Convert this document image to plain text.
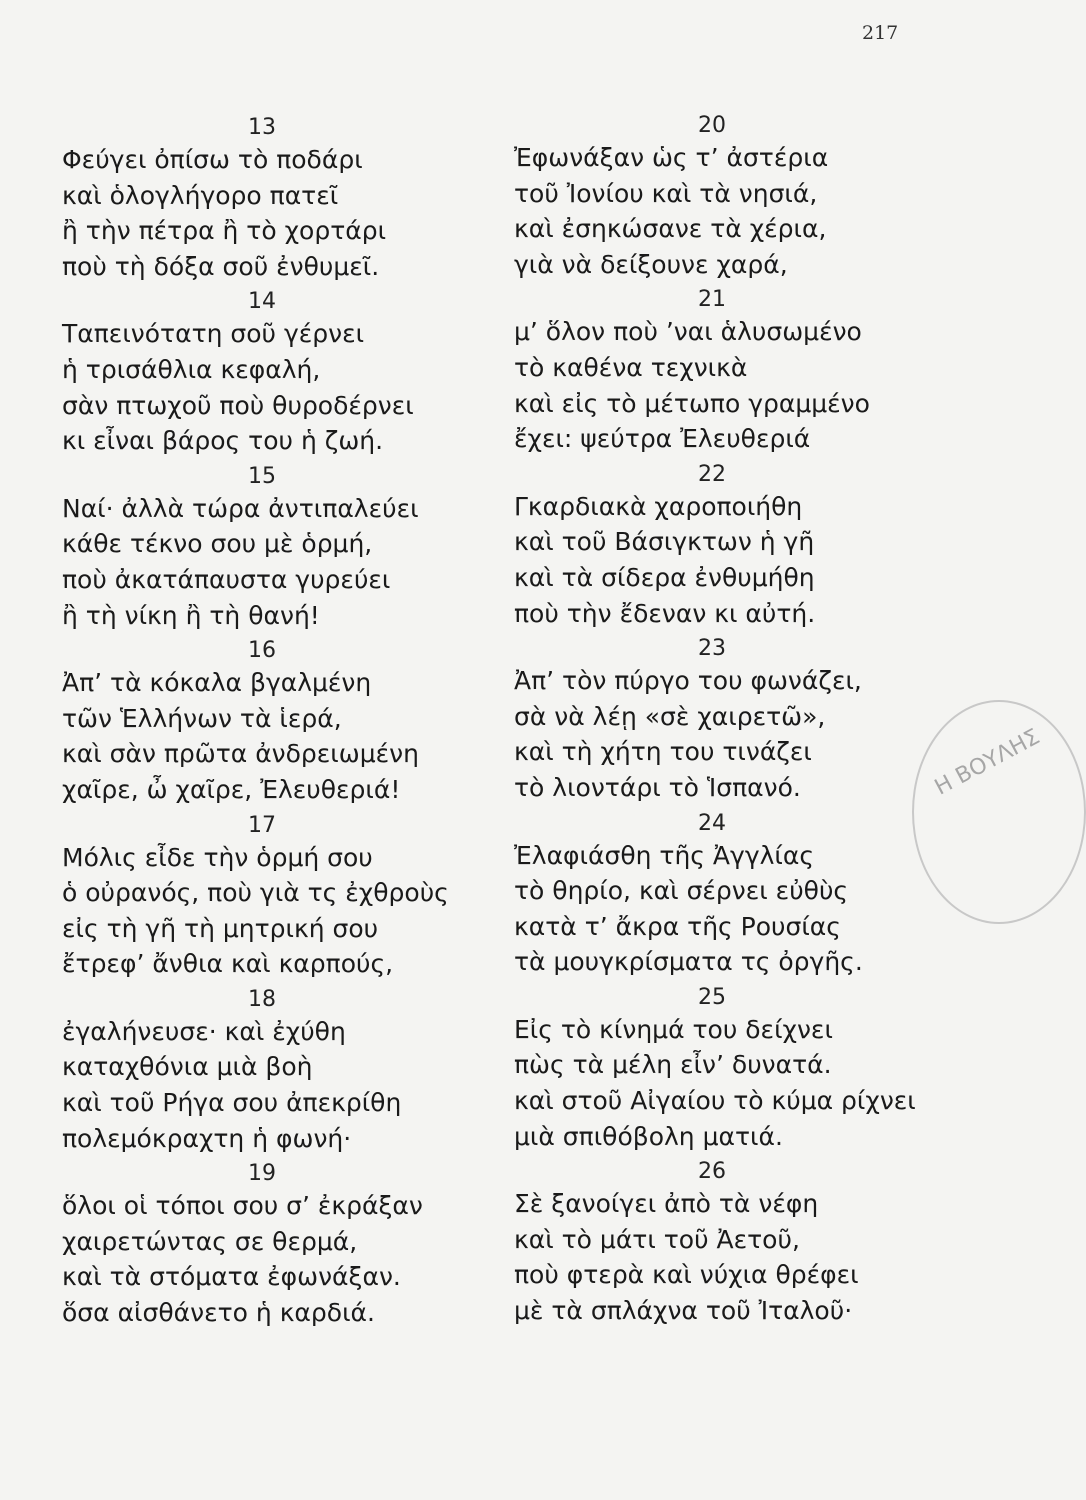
217
Η ΒΟΥΛΗΣ

13

Φεύγει ὀπίσω τὸ ποδάρι

καὶ ὁλογλήγορο πατεῖ

ἢ τὴν πέτρα ἢ τὸ χορτάρι

ποὺ τὴ δόξα σοῦ ἐνθυμεῖ.

14

Ταπεινότατη σοῦ γέρνει

ἡ τρισάθλια κεφαλή,

σὰν πτωχοῦ ποὺ θυροδέρνει

κι εἶναι βάρος του ἡ ζωή.

15

Ναί· ἀλλὰ τώρα ἀντιπαλεύει

κάθε τέκνο σου μὲ ὁρμή,

ποὺ ἀκατάπαυστα γυρεύει

ἢ τὴ νίκη ἢ τὴ θανή!

16

Ἀπ’ τὰ κόκαλα βγαλμένη

τῶν Ἑλλήνων τὰ ἱερά,

καὶ σὰν πρῶτα ἀνδρειωμένη

χαῖρε, ὦ χαῖρε, Ἐλευθεριά!

17

Μόλις εἶδε τὴν ὁρμή σου

ὁ οὐρανός, ποὺ γιὰ τς ἐχθροὺς

εἰς τὴ γῆ τὴ μητρική σου

ἔτρεφ’ ἄνθια καὶ καρπούς,

18

ἐγαλήνευσε· καὶ ἐχύθη

καταχθόνια μιὰ βοὴ

καὶ τοῦ Ρήγα σου ἀπεκρίθη

πολεμόκραχτη ἡ φωνή·

19

ὅλοι οἱ τόποι σου σ’ ἐκράξαν

χαιρετώντας σε θερμά,

καὶ τὰ στόματα ἐφωνάξαν.

ὅσα αἰσθάνετο ἡ καρδιά.

20

Ἐφωνάξαν ὡς τ’ ἀστέρια

τοῦ Ἰονίου καὶ τὰ νησιά,

καὶ ἐσηκώσανε τὰ χέρια,

γιὰ νὰ δείξουνε χαρά,

21

μ’ ὅλον ποὺ ’ναι ἁλυσωμένο

τὸ καθένα τεχνικὰ

καὶ εἰς τὸ μέτωπο γραμμένο

ἔχει: ψεύτρα Ἐλευθεριά

22

Γκαρδιακὰ χαροποιήθη

καὶ τοῦ Βάσιγκτων ἡ γῆ

καὶ τὰ σίδερα ἐνθυμήθη

ποὺ τὴν ἔδεναν κι αὐτή.

23

Ἀπ’ τὸν πύργο του φωνάζει,

σὰ νὰ λέῃ «σὲ χαιρετῶ»,

καὶ τὴ χήτη του τινάζει

τὸ λιοντάρι τὸ Ἱσπανό.

24

Ἐλαφιάσθη τῆς Ἀγγλίας

τὸ θηρίο, καὶ σέρνει εὐθὺς

κατὰ τ’ ἄκρα τῆς Ρουσίας

τὰ μουγκρίσματα τς ὀργῆς.

25

Εἰς τὸ κίνημά του δείχνει

πὼς τὰ μέλη εἶν’ δυνατά.

καὶ στοῦ Αἰγαίου τὸ κύμα ρίχνει

μιὰ σπιθόβολη ματιά.

26

Σὲ ξανοίγει ἀπὸ τὰ νέφη

καὶ τὸ μάτι τοῦ Ἀετοῦ,

ποὺ φτερὰ καὶ νύχια θρέφει

μὲ τὰ σπλάχνα τοῦ Ἰταλοῦ·
